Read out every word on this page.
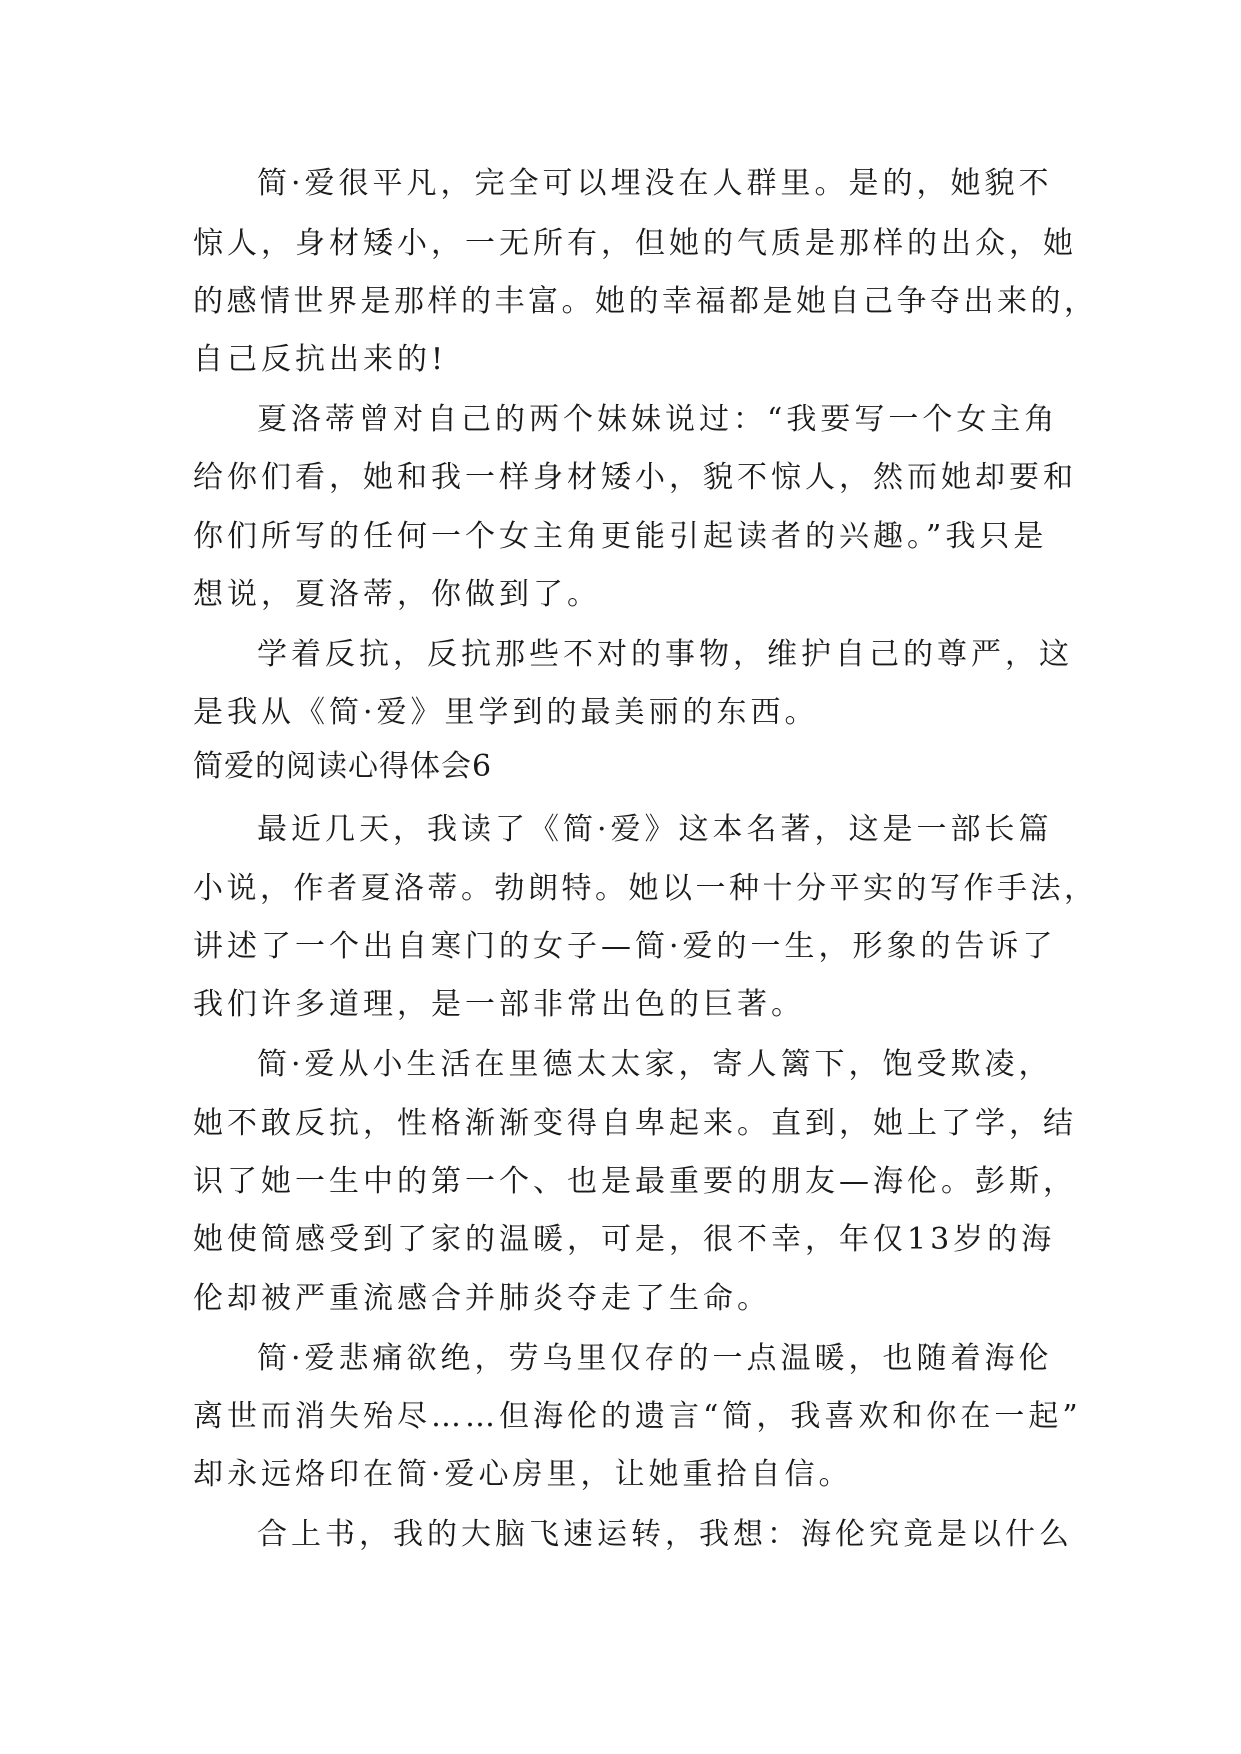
简·爱很平凡，完全可以埋没在人群里。是的，她貌不
惊人，身材矮小，一无所有，但她的气质是那样的出众，她
的感情世界是那样的丰富。她的幸福都是她自己争夺出来的，
自己反抗出来的!
夏洛蒂曾对自己的两个妹妹说过：“我要写一个女主角
给你们看，她和我一样身材矮小，貌不惊人，然而她却要和
你们所写的任何一个女主角更能引起读者的兴趣。”我只是
想说，夏洛蒂，你做到了。
学着反抗，反抗那些不对的事物，维护自己的尊严，这
是我从《简·爱》里学到的最美丽的东西。
简爱的阅读心得体会6
最近几天，我读了《简·爱》这本名著，这是一部长篇
小说，作者夏洛蒂。勃朗特。她以一种十分平实的写作手法，
讲述了一个出自寒门的女子—简·爱的一生，形象的告诉了
我们许多道理，是一部非常出色的巨著。
简·爱从小生活在里德太太家，寄人篱下，饱受欺凌，
她不敢反抗，性格渐渐变得自卑起来。直到，她上了学，结
识了她一生中的第一个、也是最重要的朋友—海伦。彭斯，
她使简感受到了家的温暖，可是，很不幸，年仅13岁的海
伦却被严重流感合并肺炎夺走了生命。
简·爱悲痛欲绝，劳乌里仅存的一点温暖，也随着海伦
离世而消失殆尽……但海伦的遗言“简，我喜欢和你在一起”
却永远烙印在简·爱心房里，让她重拾自信。
合上书，我的大脑飞速运转，我想：海伦究竟是以什么
